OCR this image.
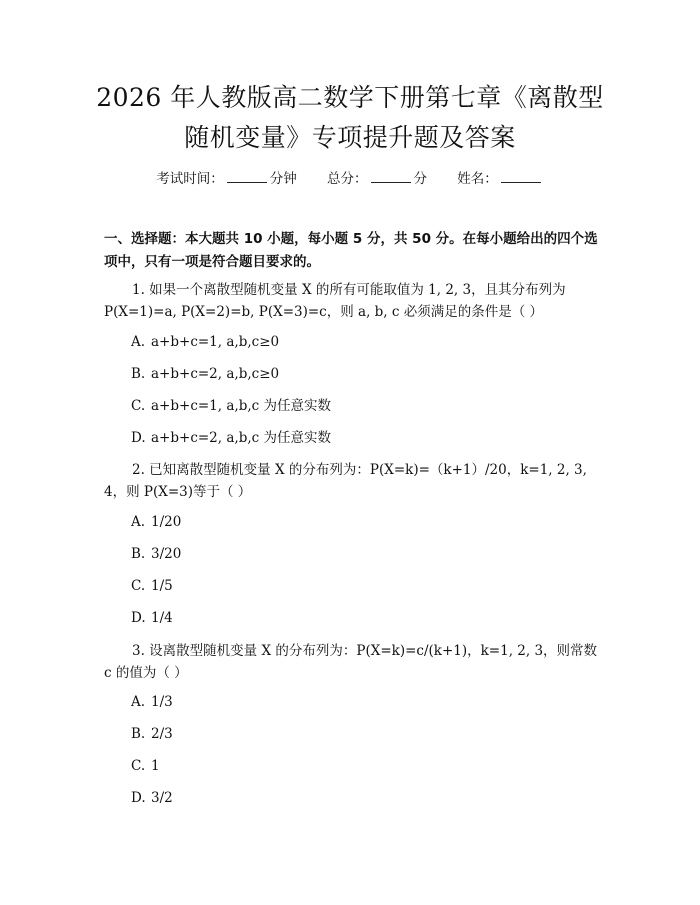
2026 年人教版高二数学下册第七章《离散型
随机变量》专项提升题及答案
考试时间：	分钟 总分：	分 姓名：
一、选择题：本大题共 10 小题，每小题 5 分，共 50 分。在每小题给出的四个选项中，只有一项是符合题目要求的。
1. 如果一个离散型随机变量 X 的所有可能取值为 1, 2, 3，且其分布列为 P(X=1)=a, P(X=2)=b, P(X=3)=c，则 a, b, c 必须满足的条件是（ ）
A. a+b+c=1, a,b,c≥0
B. a+b+c=2, a,b,c≥0
C. a+b+c=1, a,b,c 为任意实数
D. a+b+c=2, a,b,c 为任意实数
2. 已知离散型随机变量 X 的分布列为：P(X=k)=（k+1）/20，k=1, 2, 3, 4，则 P(X=3)等于（ ）
A. 1/20
B. 3/20
C. 1/5
D. 1/4
3. 设离散型随机变量 X 的分布列为：P(X=k)=c/(k+1)，k=1, 2, 3，则常数 c 的值为（ ）
A. 1/3
B. 2/3
C. 1
D. 3/2
